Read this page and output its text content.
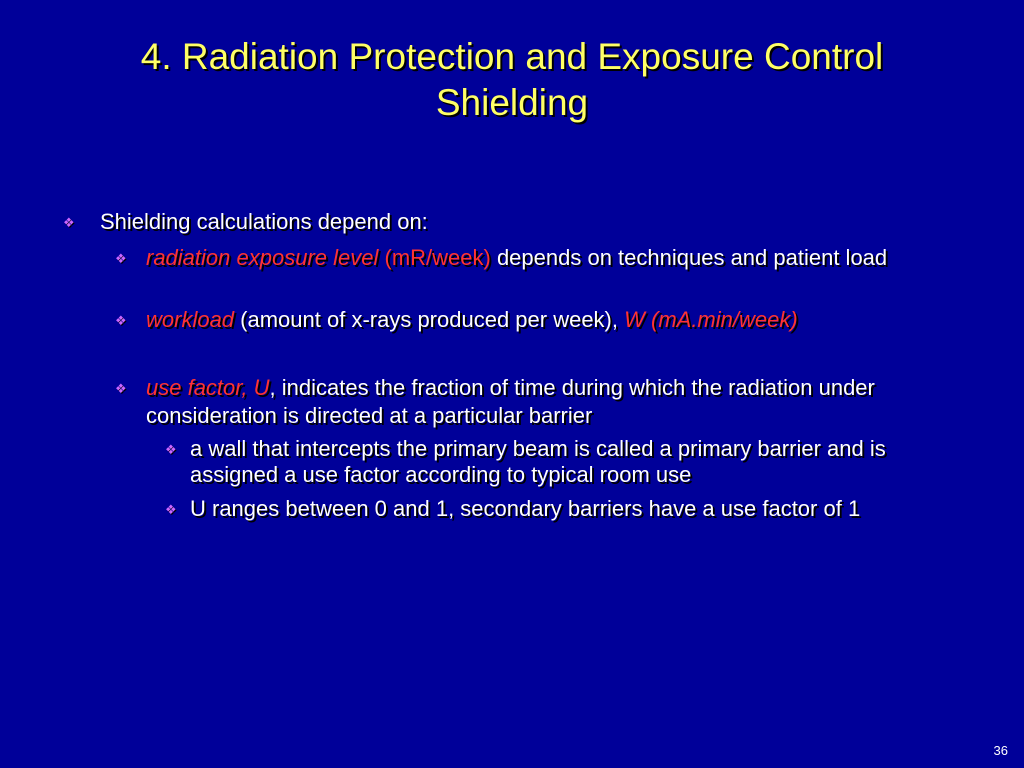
4. Radiation Protection and Exposure Control
Shielding
❖ Shielding calculations depend on:
❖ radiation exposure level (mR/week) depends on techniques and patient load
❖ workload (amount of x-rays produced per week), W (mA.min/week)
❖ use factor, U, indicates the fraction of time during which the radiation under consideration is directed at a particular barrier
❖ a wall that intercepts the primary beam is called a primary barrier and is assigned a use factor according to typical room use
❖ U ranges between 0 and 1, secondary barriers have a use factor of 1
36
